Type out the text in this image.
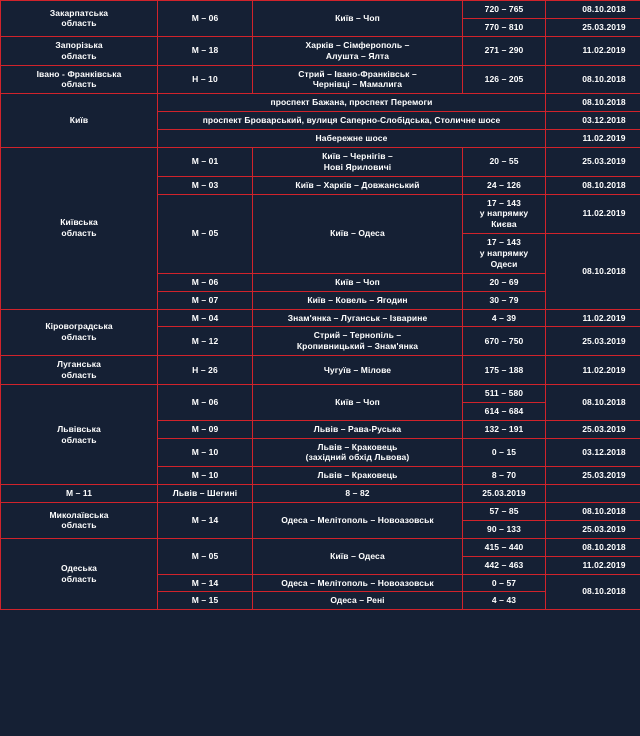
Закарпатська
область	М – 06	Київ – Чоп	720 – 765	08.10.2018
			770 – 810	25.03.2019
Запорізька
область	М – 18	Харків – Сімферополь –
Алушта – Ялта	271 – 290	11.02.2019
Івано - Франківська
область	Н – 10	Стрий – Івано-Франківськ –
Чернівці – Мамалига	126 – 205	08.10.2018
Київ	проспект Бажана, проспект Перемоги			08.10.2018
	проспект Броварський, вулиця Саперно-Слобідська, Столичне шосе			03.12.2018
	Набережне шосе			11.02.2019
Київська
область	М – 01	Київ – Чернігів –
Нові Яриловичі	20 – 55	25.03.2019
	М – 03	Київ – Харків – Довжанський	24 – 126	08.10.2018
	М – 05	Київ – Одеса	17 – 143
у напрямку
Києва	11.02.2019
			17 – 143
у напрямку
Одеси	08.10.2018
	М – 06	Київ – Чоп	20 – 69	
	М – 07	Київ – Ковель – Ягодин	30 – 79	
Кіровоградська
область	М – 04	Знам'янка – Луганськ – Ізварине	4 – 39	11.02.2019
	М – 12	Стрий – Тернопіль –
Кропивницький – Знам'янка	670 – 750	25.03.2019
Луганська
область	Н – 26	Чугуїв – Мілове	175 – 188	11.02.2019
Львівська
область	М – 06	Київ – Чоп	511 – 580	08.10.2018
			614 – 684	
	М – 09	Львів – Рава-Руська	132 – 191	25.03.2019
	М – 10	Львів – Краковець
(західний обхід Львова)	0 – 15	03.12.2018
	М – 10	Львів – Краковець	8 – 70	25.03.2019
М – 11	Львів – Шегині	8 – 82	25.03.2019	
Миколаївська
область	М – 14	Одеса – Мелітополь – Новоазовськ	57 – 85	08.10.2018
			90 – 133	25.03.2019
Одеська
область	М – 05	Київ – Одеса	415 – 440	08.10.2018
			442 – 463	11.02.2019
	М – 14	Одеса – Мелітополь – Новоазовськ	0 – 57	08.10.2018
	М – 15	Одеса – Рені	4 – 43	
